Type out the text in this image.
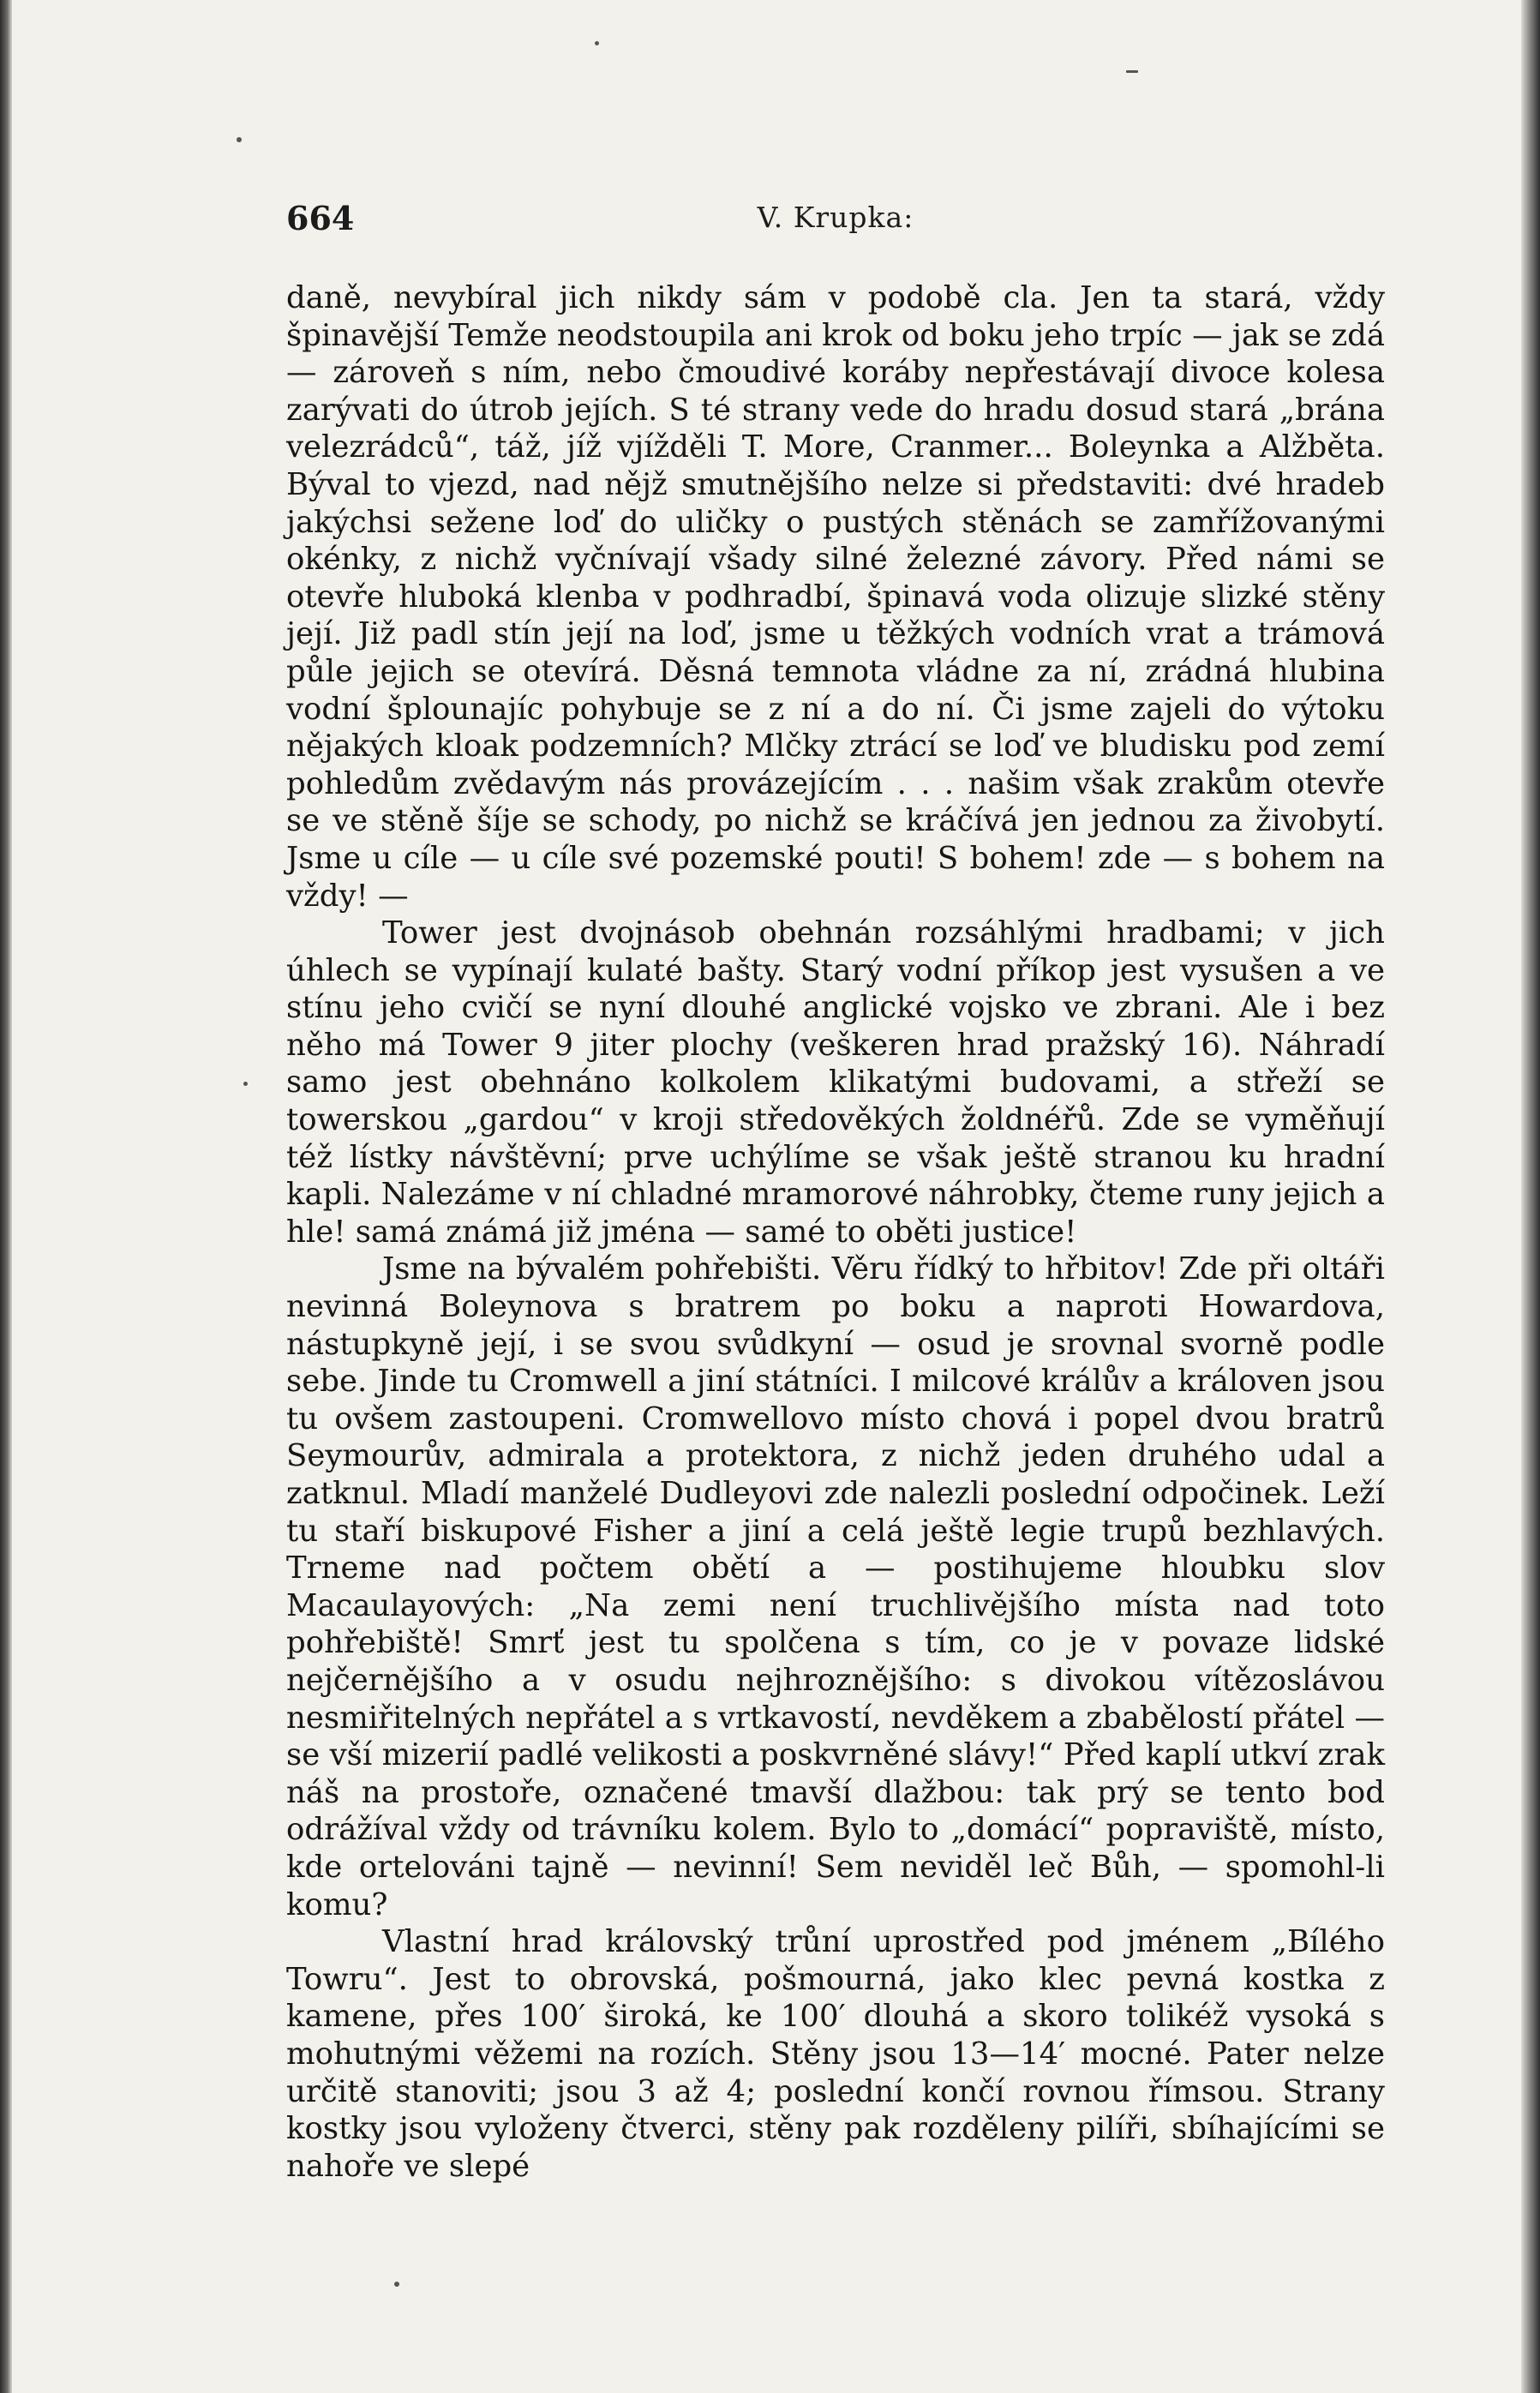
664	V. Krupka:

daně, nevybíral jich nikdy sám v podobě cla. Jen ta stará, vždy špinavější Temže neodstoupila ani krok od boku jeho trpíc — jak se zdá — zároveň s ním, nebo čmoudivé koráby nepřestávají divoce kolesa zarývati do útrob jejích. S té strany vede do hradu dosud stará „brána velezrádců“, táž, jíž vjížděli T. More, Cranmer... Boleynka a Alžběta. Býval to vjezd, nad nějž smutnějšího nelze si představiti: dvé hradeb jakýchsi sežene loď do uličky o pustých stěnách se zamřížovanými okénky, z nichž vyčnívají všady silné železné závory. Před námi se otevře hluboká klenba v podhradbí, špinavá voda olizuje slizké stěny její. Již padl stín její na loď, jsme u těžkých vodních vrat a trámová půle jejich se otevírá. Děsná temnota vládne za ní, zrádná hlubina vodní šplounajíc pohybuje se z ní a do ní. Či jsme zajeli do výtoku nějakých kloak podzemních? Mlčky ztrácí se loď ve bludisku pod zemí pohledům zvědavým nás provázejícím . . . našim však zrakům otevře se ve stěně šíje se schody, po nichž se kráčívá jen jednou za živobytí. Jsme u cíle — u cíle své pozemské pouti! S bohem! zde — s bohem na vždy! —

Tower jest dvojnásob obehnán rozsáhlými hradbami; v jich úhlech se vypínají kulaté bašty. Starý vodní příkop jest vysušen a ve stínu jeho cvičí se nyní dlouhé anglické vojsko ve zbrani. Ale i bez něho má Tower 9 jiter plochy (veškeren hrad pražský 16). Náhradí samo jest obehnáno kolkolem klikatými budovami, a střeží se towerskou „gardou“ v kroji středověkých žoldnéřů. Zde se vyměňují též lístky návštěvní; prve uchýlíme se však ještě stranou ku hradní kapli. Nalezáme v ní chladné mramorové náhrobky, čteme runy jejich a hle! samá známá již jména — samé to oběti justice!

Jsme na bývalém pohřebišti. Věru řídký to hřbitov! Zde při oltáři nevinná Boleynova s bratrem po boku a naproti Howardova, nástupkyně její, i se svou svůdkyní — osud je srovnal svorně podle sebe. Jinde tu Cromwell a jiní státníci. I milcové králův a královen jsou tu ovšem zastoupeni. Cromwellovo místo chová i popel dvou bratrů Seymourův, admirala a protektora, z nichž jeden druhého udal a zatknul. Mladí manželé Dudleyovi zde nalezli poslední odpočinek. Leží tu staří biskupové Fisher a jiní a celá ještě legie trupů bezhlavých. Trneme nad počtem obětí a — postihujeme hloubku slov Macaulayových: „Na zemi není truchlivějšího místa nad toto pohřebiště! Smrť jest tu spolčena s tím, co je v povaze lidské nejčernějšího a v osudu nejhroznějšího: s divokou vítězoslávou nesmiřitelných nepřátel a s vrtkavostí, nevděkem a zbabělostí přátel — se vší mizerií padlé velikosti a poskvrněné slávy!“ Před kaplí utkví zrak náš na prostoře, označené tmavší dlažbou: tak prý se tento bod odrážíval vždy od trávníku kolem. Bylo to „domácí“ popraviště, místo, kde ortelováni tajně — nevinní! Sem neviděl leč Bůh, — spomohl-li komu?

Vlastní hrad královský trůní uprostřed pod jménem „Bílého Towru“. Jest to obrovská, pošmourná, jako klec pevná kostka z kamene, přes 100′ široká, ke 100′ dlouhá a skoro tolikéž vysoká s mohutnými věžemi na rozích. Stěny jsou 13—14′ mocné. Pater nelze určitě stanoviti; jsou 3 až 4; poslední končí rovnou římsou. Strany kostky jsou vyloženy čtverci, stěny pak rozděleny pilíři, sbíhajícími se nahoře ve slepé
